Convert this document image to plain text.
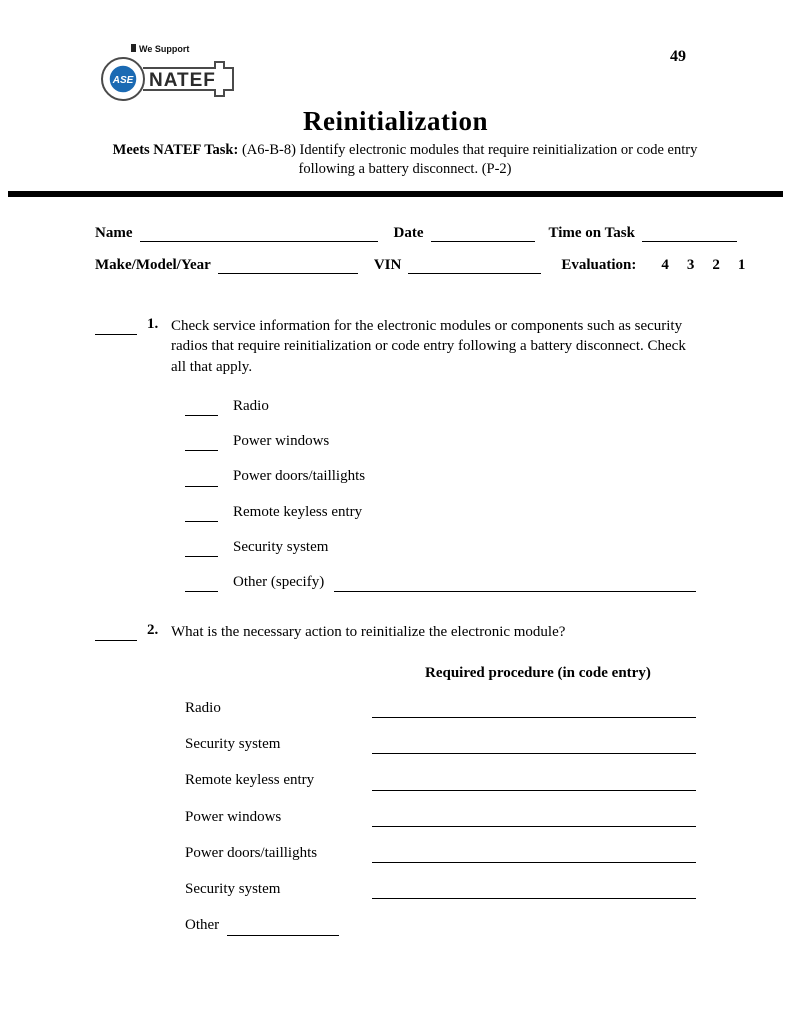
We Support
ASE NATEF
49
Reinitialization

Meets NATEF Task: (A6-B-8) Identify electronic modules that require reinitialization or code entry following a battery disconnect. (P-2)

Name	Date	Time on Task
Make/Model/Year	VIN	Evaluation: 4 3 2 1
1. Check service information for the electronic modules or components such as security radios that require reinitialization or code entry following a battery disconnect. Check all that apply.
Radio
Power windows
Power doors/taillights
Remote keyless entry
Security system
Other (specify)
2. What is the necessary action to reinitialize the electronic module?
Required procedure (in code entry)
Radio
Security system
Remote keyless entry
Power windows
Power doors/taillights
Security system
Other
